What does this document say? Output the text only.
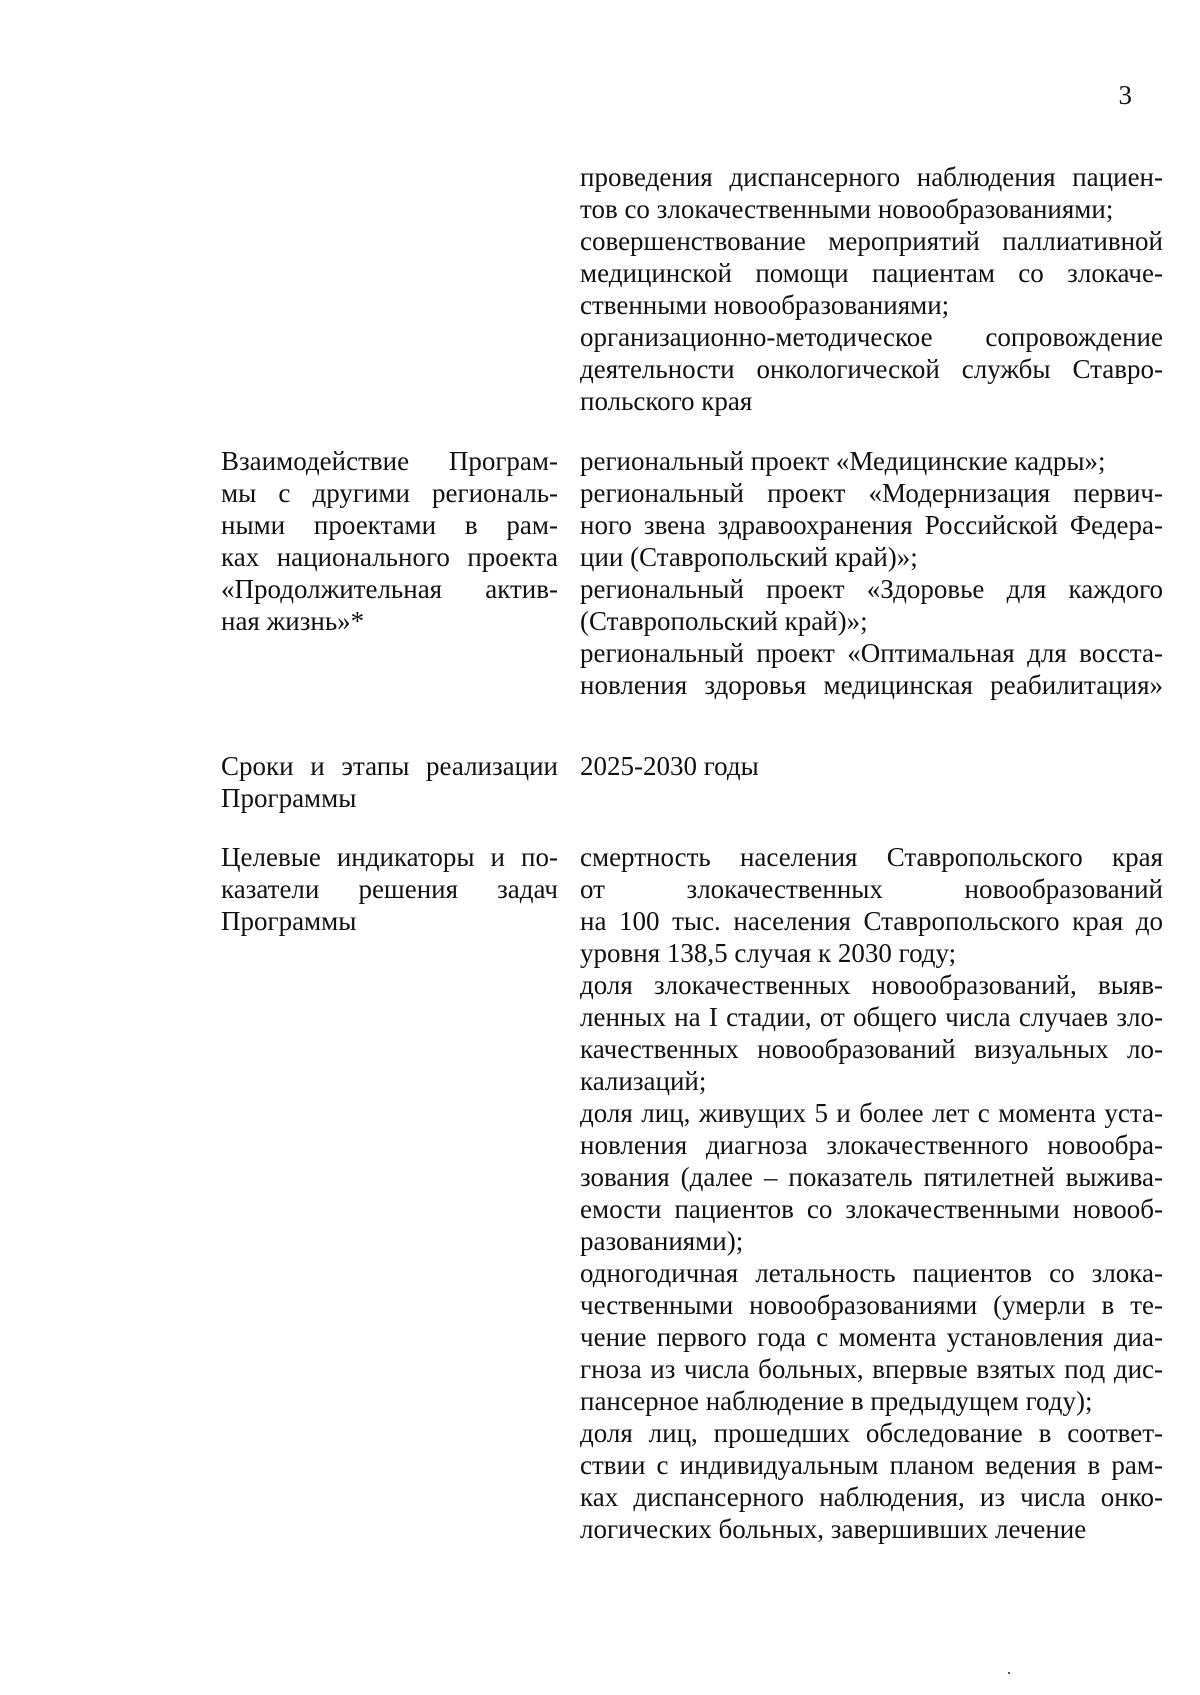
3
проведения диспансерного наблюдения пациен-
тов со злокачественными новообразованиями;
совершенствование мероприятий паллиативной
медицинской помощи пациентам со злокаче-
ственными новообразованиями;
организационно-методическое сопровождение
деятельности онкологической службы Ставро-
польского края
Взаимодействие Програм-
мы с другими региональ-
ными проектами в рам-
ках национального проекта
«Продолжительная актив-
ная жизнь»*
региональный проект «Медицинские кадры»;
региональный проект «Модернизация первич-
ного звена здравоохранения Российской Федера-
ции (Ставропольский край)»;
региональный проект «Здоровье для каждого
(Ставропольский край)»;
региональный проект «Оптимальная для восста-
новления здоровья медицинская реабилитация»
Сроки и этапы реализации
Программы
2025-2030 годы
Целевые индикаторы и по-
казатели решения задач
Программы
смертность населения Ставропольского края
от злокачественных новообразований
на 100 тыс. населения Ставропольского края до
уровня 138,5 случая к 2030 году;
доля злокачественных новообразований, выяв-
ленных на I стадии, от общего числа случаев зло-
качественных новообразований визуальных ло-
кализаций;
доля лиц, живущих 5 и более лет с момента уста-
новления диагноза злокачественного новообра-
зования (далее – показатель пятилетней выжива-
емости пациентов со злокачественными новооб-
разованиями);
одногодичная летальность пациентов со злока-
чественными новообразованиями (умерли в те-
чение первого года с момента установления диа-
гноза из числа больных, впервые взятых под дис-
пансерное наблюдение в предыдущем году);
доля лиц, прошедших обследование в соответ-
ствии с индивидуальным планом ведения в рам-
ках диспансерного наблюдения, из числа онко-
логических больных, завершивших лечение
